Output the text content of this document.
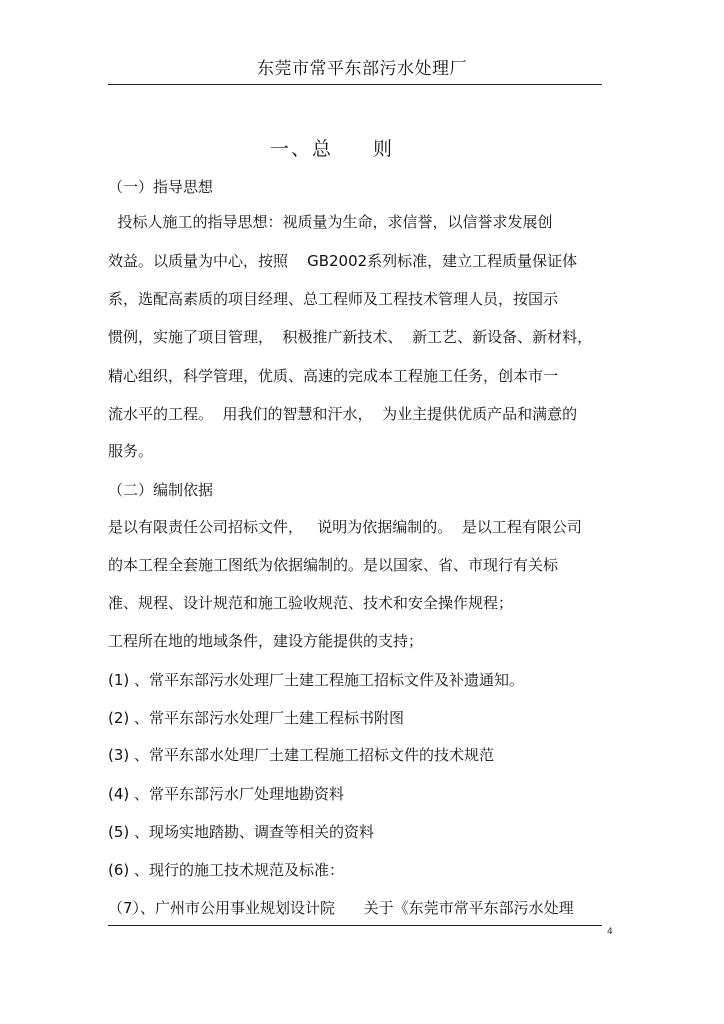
东莞市常平东部污水处理厂
一、总 则
（一）指导思想
投标人施工的指导思想：视质量为生命，求信誉，以信誉求发展创
效益。以质量为中心，按照    GB2002系列标准，建立工程质量保证体
系，选配高素质的项目经理、总工程师及工程技术管理人员，按国示
惯例，实施了项目管理，  积极推广新技术、  新工艺、新设备、新材料，
精心组织，科学管理，优质、高速的完成本工程施工任务，创本市一
流水平的工程。  用我们的智慧和汗水，  为业主提供优质产品和满意的
服务。
（二）编制依据
是以有限责任公司招标文件，   说明为依据编制的。  是以工程有限公司
的本工程全套施工图纸为依据编制的。是以国家、省、市现行有关标
准、规程、设计规范和施工验收规范、技术和安全操作规程；
工程所在地的地域条件，建设方能提供的支持；
(1) 、常平东部污水处理厂土建工程施工招标文件及补遗通知。
(2) 、常平东部污水处理厂土建工程标书附图
(3) 、常平东部水处理厂土建工程施工招标文件的技术规范
(4) 、常平东部污水厂处理地勘资料
(5) 、现场实地踏勘、调查等相关的资料
(6) 、现行的施工技术规范及标准：
（7）、广州市公用事业规划设计院      关于《东莞市常平东部污水处理
4
